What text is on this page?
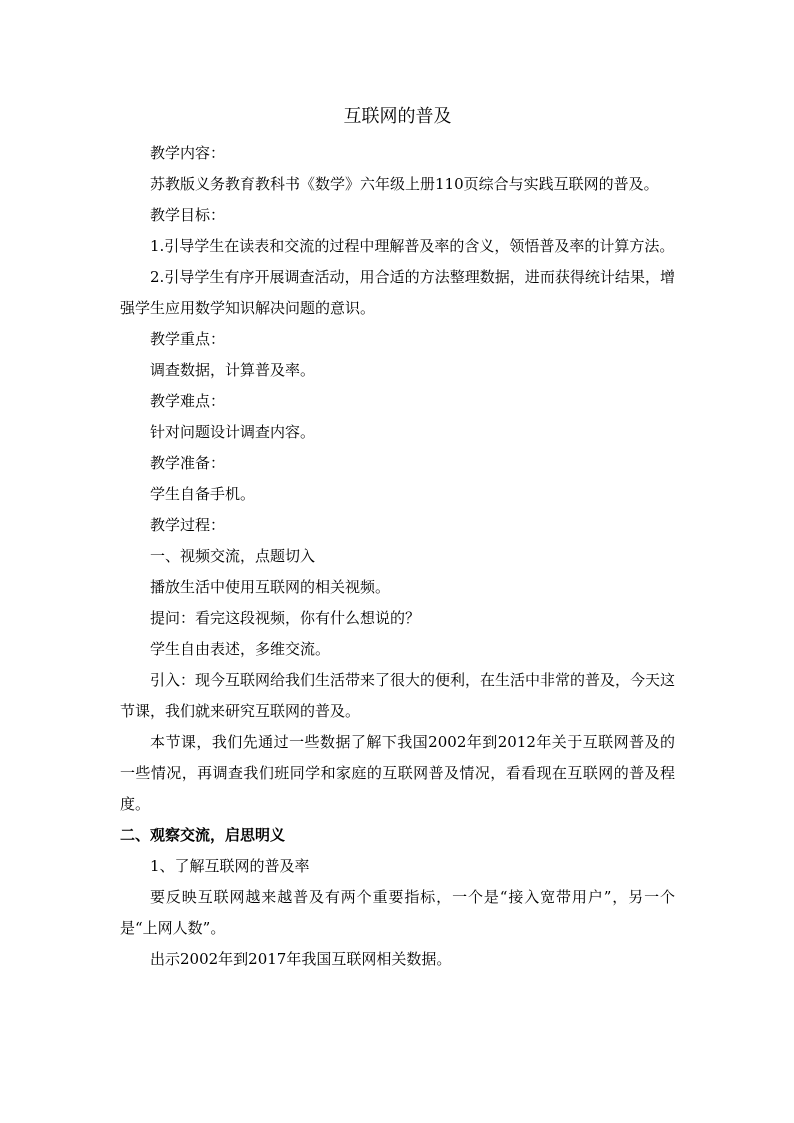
互联网的普及

教学内容：

苏教版义务教育教科书《数学》六年级上册110页综合与实践互联网的普及。

教学目标：

1.引导学生在读表和交流的过程中理解普及率的含义，领悟普及率的计算方法。

2.引导学生有序开展调查活动，用合适的方法整理数据，进而获得统计结果，增强学生应用数学知识解决问题的意识。

教学重点：

调查数据，计算普及率。

教学难点：

针对问题设计调查内容。

教学准备：

学生自备手机。

教学过程：

一、视频交流，点题切入

播放生活中使用互联网的相关视频。

提问：看完这段视频，你有什么想说的？

学生自由表述，多维交流。

引入：现今互联网给我们生活带来了很大的便利，在生活中非常的普及，今天这节课，我们就来研究互联网的普及。

本节课，我们先通过一些数据了解下我国2002年到2012年关于互联网普及的一些情况，再调查我们班同学和家庭的互联网普及情况，看看现在互联网的普及程度。

二、观察交流，启思明义

1、了解互联网的普及率

要反映互联网越来越普及有两个重要指标，一个是“接入宽带用户”，另一个是“上网人数”。

出示2002年到2017年我国互联网相关数据。
